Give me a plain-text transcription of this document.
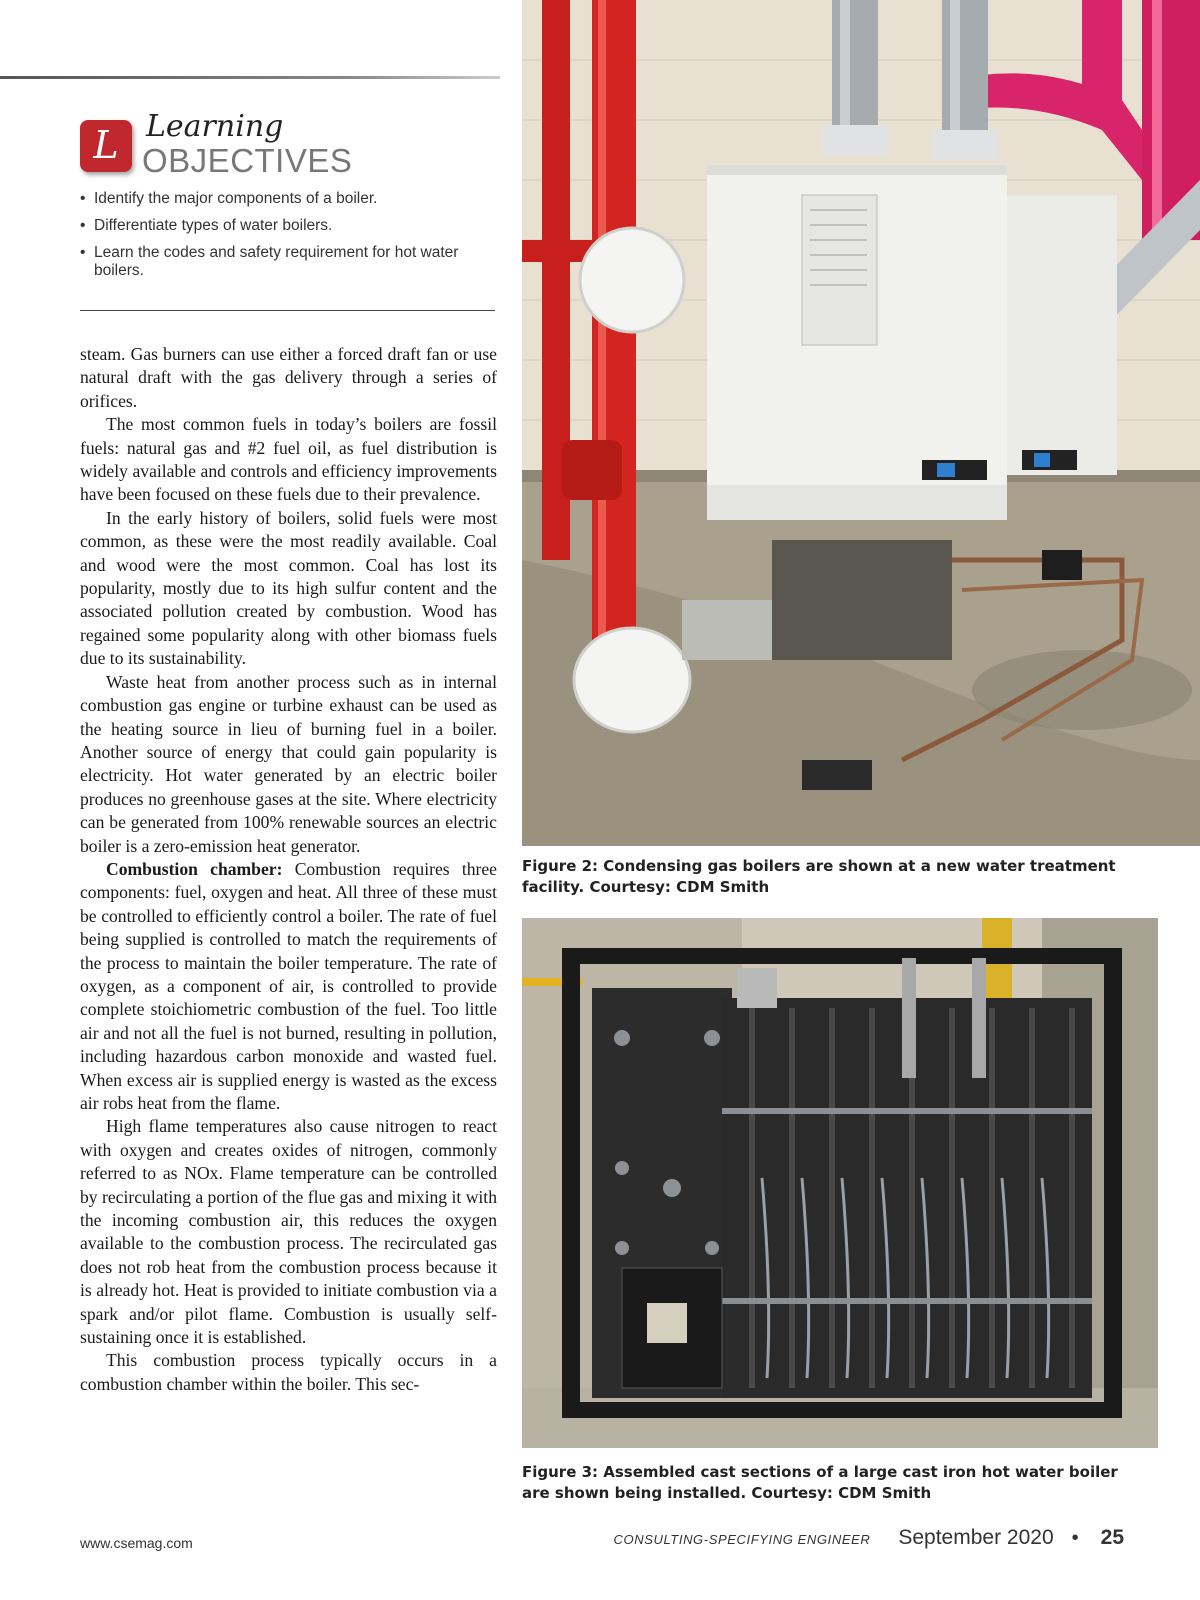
L Learning
OBJECTIVES
• Identify the major components of a boiler.
• Differentiate types of water boilers.
• Learn the codes and safety requirement for hot water boilers.

steam. Gas burners can use either a forced draft fan or use natural draft with the gas delivery through a series of orifices.

The most common fuels in today’s boilers are fossil fuels: natural gas and #2 fuel oil, as fuel distribution is widely available and controls and efficiency improvements have been focused on these fuels due to their prevalence.

In the early history of boilers, solid fuels were most common, as these were the most readily available. Coal and wood were the most common. Coal has lost its popularity, mostly due to its high sulfur content and the associated pollution created by combustion. Wood has regained some popularity along with other biomass fuels due to its sustainability.

Waste heat from another process such as in internal combustion gas engine or turbine exhaust can be used as the heating source in lieu of burning fuel in a boiler. Another source of energy that could gain popularity is electricity. Hot water generated by an electric boiler produces no greenhouse gases at the site. Where electricity can be generated from 100% renewable sources an electric boiler is a zero-emission heat generator.

Combustion chamber: Combustion requires three components: fuel, oxygen and heat. All three of these must be controlled to efficiently control a boiler. The rate of fuel being supplied is controlled to match the requirements of the process to maintain the boiler temperature. The rate of oxygen, as a component of air, is controlled to provide complete stoichiometric combustion of the fuel. Too little air and not all the fuel is not burned, resulting in pollution, including hazardous carbon monoxide and wasted fuel. When excess air is supplied energy is wasted as the excess air robs heat from the flame.

High flame temperatures also cause nitrogen to react with oxygen and creates oxides of nitrogen, commonly referred to as NOx. Flame temperature can be controlled by recirculating a portion of the flue gas and mixing it with the incoming combustion air, this reduces the oxygen available to the combustion process. The recirculated gas does not rob heat from the combustion process because it is already hot. Heat is provided to initiate combustion via a spark and/or pilot flame. Combustion is usually self-sustaining once it is established.

This combustion process typically occurs in a combustion chamber within the boiler. This sec-

Figure 2: Condensing gas boilers are shown at a new water treatment facility. Courtesy: CDM Smith
Figure 3: Assembled cast sections of a large cast iron hot water boiler are shown being installed. Courtesy: CDM Smith
www.csemag.com	CONSULTING-SPECIFYING ENGINEER September 2020 • 25
